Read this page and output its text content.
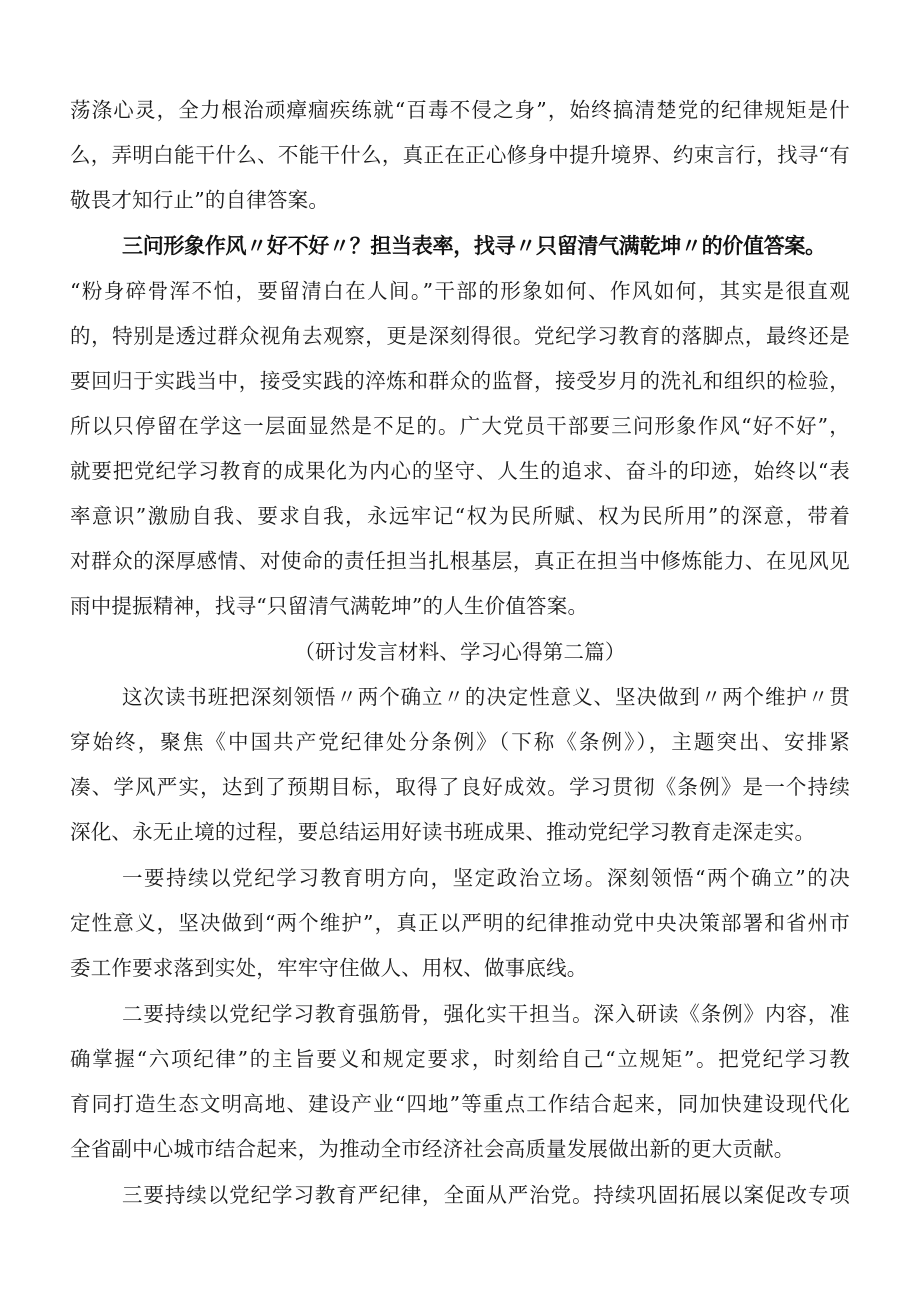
荡涤心灵，全力根治顽瘴痼疾练就“百毒不侵之身”，始终搞清楚党的纪律规矩是什
么，弄明白能干什么、不能干什么，真正在正心修身中提升境界、约束言行，找寻“有
敬畏才知行止”的自律答案。
三问形象作风〃好不好〃？担当表率，找寻〃只留清气满乾坤〃的价值答案。
“粉身碎骨浑不怕，要留清白在人间。”干部的形象如何、作风如何，其实是很直观
的，特别是透过群众视角去观察，更是深刻得很。党纪学习教育的落脚点，最终还是
要回归于实践当中，接受实践的淬炼和群众的监督，接受岁月的洗礼和组织的检验，
所以只停留在学这一层面显然是不足的。广大党员干部要三问形象作风“好不好”，
就要把党纪学习教育的成果化为内心的坚守、人生的追求、奋斗的印迹，始终以“表
率意识”激励自我、要求自我，永远牢记“权为民所赋、权为民所用”的深意，带着
对群众的深厚感情、对使命的责任担当扎根基层，真正在担当中修炼能力、在见风见
雨中提振精神，找寻“只留清气满乾坤”的人生价值答案。
（研讨发言材料、学习心得第二篇）
这次读书班把深刻领悟〃两个确立〃的决定性意义、坚决做到〃两个维护〃贯
穿始终，聚焦《中国共产党纪律处分条例》（下称《条例》），主题突出、安排紧
凑、学风严实，达到了预期目标，取得了良好成效。学习贯彻《条例》是一个持续
深化、永无止境的过程，要总结运用好读书班成果、推动党纪学习教育走深走实。
一要持续以党纪学习教育明方向，坚定政治立场。深刻领悟“两个确立”的决
定性意义，坚决做到“两个维护”，真正以严明的纪律推动党中央决策部署和省州市
委工作要求落到实处，牢牢守住做人、用权、做事底线。
二要持续以党纪学习教育强筋骨，强化实干担当。深入研读《条例》内容，准
确掌握“六项纪律”的主旨要义和规定要求，时刻给自己“立规矩”。把党纪学习教
育同打造生态文明高地、建设产业“四地”等重点工作结合起来，同加快建设现代化
全省副中心城市结合起来，为推动全市经济社会高质量发展做出新的更大贡献。
三要持续以党纪学习教育严纪律，全面从严治党。持续巩固拓展以案促改专项
